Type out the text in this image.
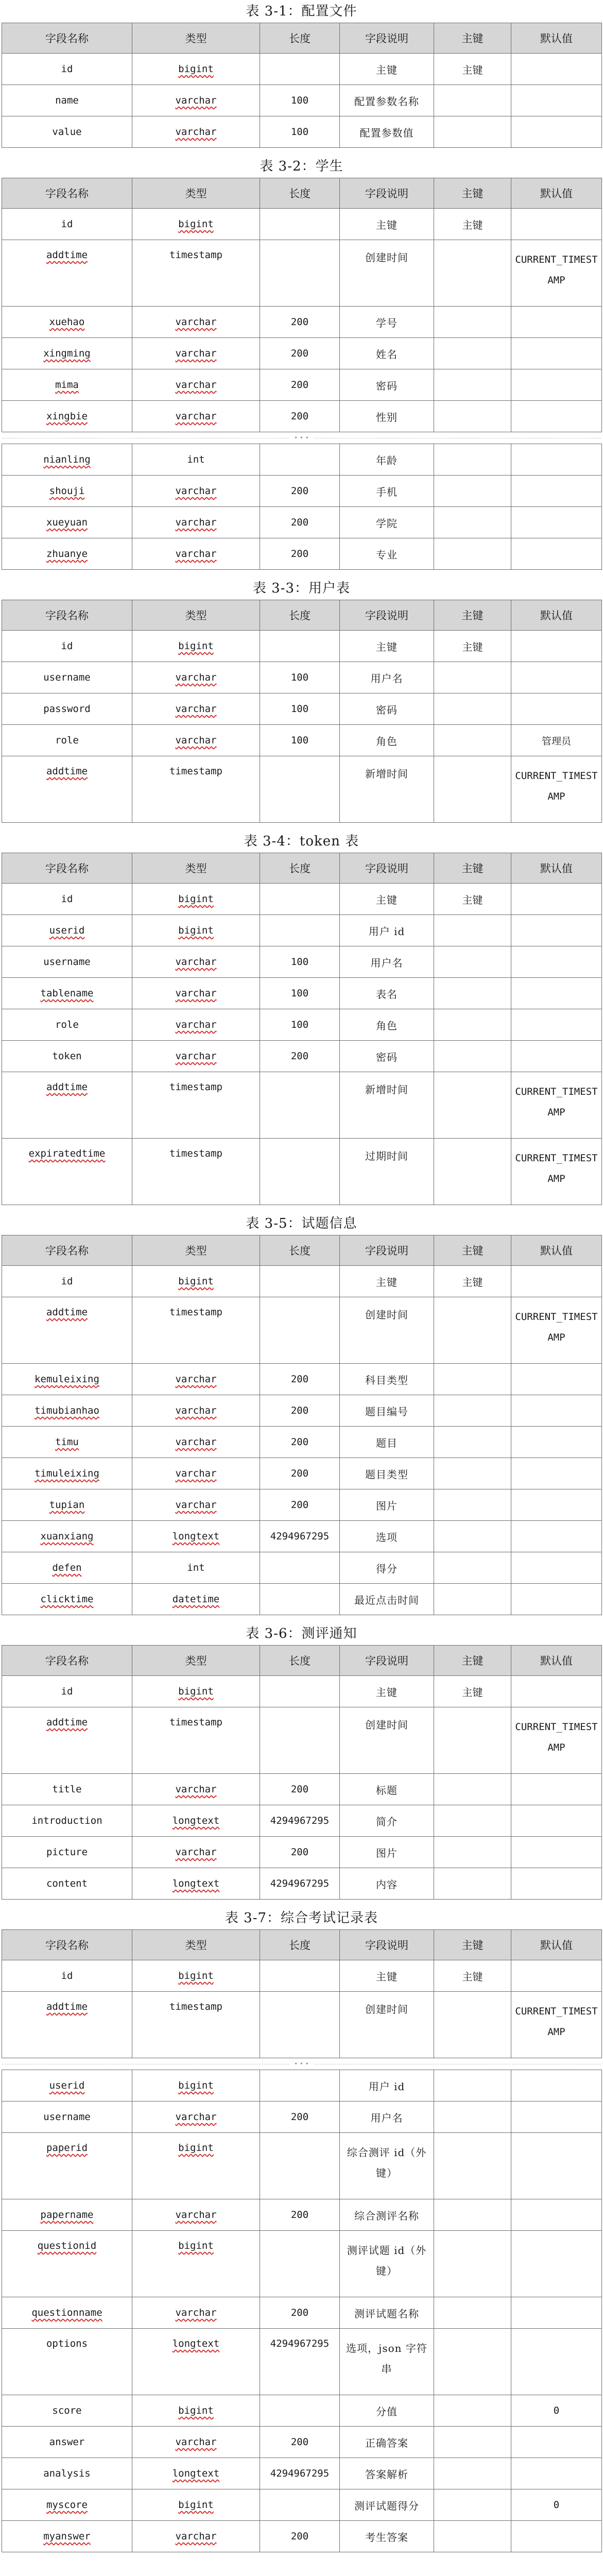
表 3-1：配置文件
字段名称	类型	长度	字段说明	主键	默认值
id	bigint		主键	主键	
name	varchar	100	配置参数名称		
value	varchar	100	配置参数值		
表 3-2：学生
字段名称	类型	长度	字段说明	主键	默认值
id	bigint		主键	主键	
addtime	timestamp		创建时间		CURRENT_TIMESTAMP
xuehao	varchar	200	学号		
xingming	varchar	200	姓名		
mima	varchar	200	密码		
xingbie	varchar	200	性别		
• • •
nianling	int		年龄		
shouji	varchar	200	手机		
xueyuan	varchar	200	学院		
zhuanye	varchar	200	专业		
表 3-3：用户表
字段名称	类型	长度	字段说明	主键	默认值
id	bigint		主键	主键	
username	varchar	100	用户名		
password	varchar	100	密码		
role	varchar	100	角色		管理员
addtime	timestamp		新增时间		CURRENT_TIMESTAMP
表 3-4：token 表
字段名称	类型	长度	字段说明	主键	默认值
id	bigint		主键	主键	
userid	bigint		用户 id		
username	varchar	100	用户名		
tablename	varchar	100	表名		
role	varchar	100	角色		
token	varchar	200	密码		
addtime	timestamp		新增时间		CURRENT_TIMESTAMP
expiratedtime	timestamp		过期时间		CURRENT_TIMESTAMP
表 3-5：试题信息
字段名称	类型	长度	字段说明	主键	默认值
id	bigint		主键	主键	
addtime	timestamp		创建时间		CURRENT_TIMESTAMP
kemuleixing	varchar	200	科目类型		
timubianhao	varchar	200	题目编号		
timu	varchar	200	题目		
timuleixing	varchar	200	题目类型		
tupian	varchar	200	图片		
xuanxiang	longtext	4294967295	选项		
defen	int		得分		
clicktime	datetime		最近点击时间		
表 3-6：测评通知
字段名称	类型	长度	字段说明	主键	默认值
id	bigint		主键	主键	
addtime	timestamp		创建时间		CURRENT_TIMESTAMP
title	varchar	200	标题		
introduction	longtext	4294967295	简介		
picture	varchar	200	图片		
content	longtext	4294967295	内容		
表 3-7：综合考试记录表
字段名称	类型	长度	字段说明	主键	默认值
id	bigint		主键	主键	
addtime	timestamp		创建时间		CURRENT_TIMESTAMP
• • •
userid	bigint		用户 id		
username	varchar	200	用户名		
paperid	bigint		综合测评 id（外键）		
papername	varchar	200	综合测评名称		
questionid	bigint		测评试题 id（外键）		
questionname	varchar	200	测评试题名称		
options	longtext	4294967295	选项，json 字符串		
score	bigint		分值		0
answer	varchar	200	正确答案		
analysis	longtext	4294967295	答案解析		
myscore	bigint		测评试题得分		0
myanswer	varchar	200	考生答案		
